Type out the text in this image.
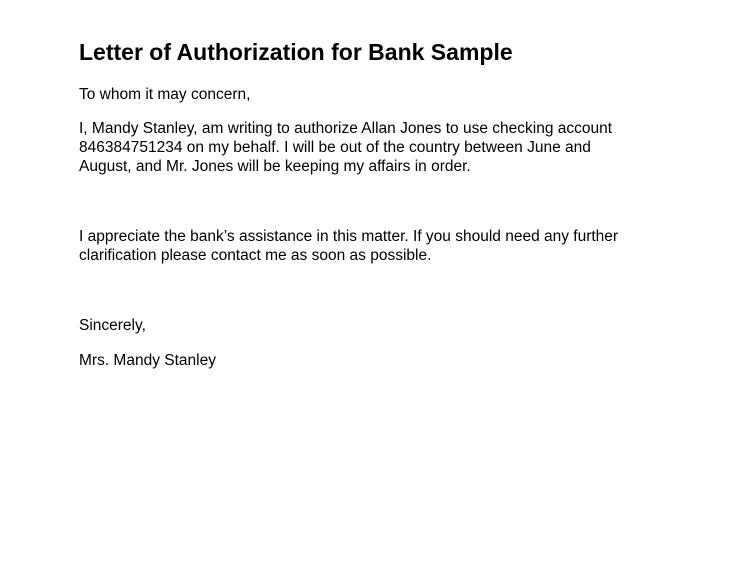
Letter of Authorization for Bank Sample

To whom it may concern,

I, Mandy Stanley, am writing to authorize Allan Jones to use checking account
846384751234 on my behalf. I will be out of the country between June and
August, and Mr. Jones will be keeping my affairs in order.

I appreciate the bank’s assistance in this matter. If you should need any further
clarification please contact me as soon as possible.

Sincerely,

Mrs. Mandy Stanley
